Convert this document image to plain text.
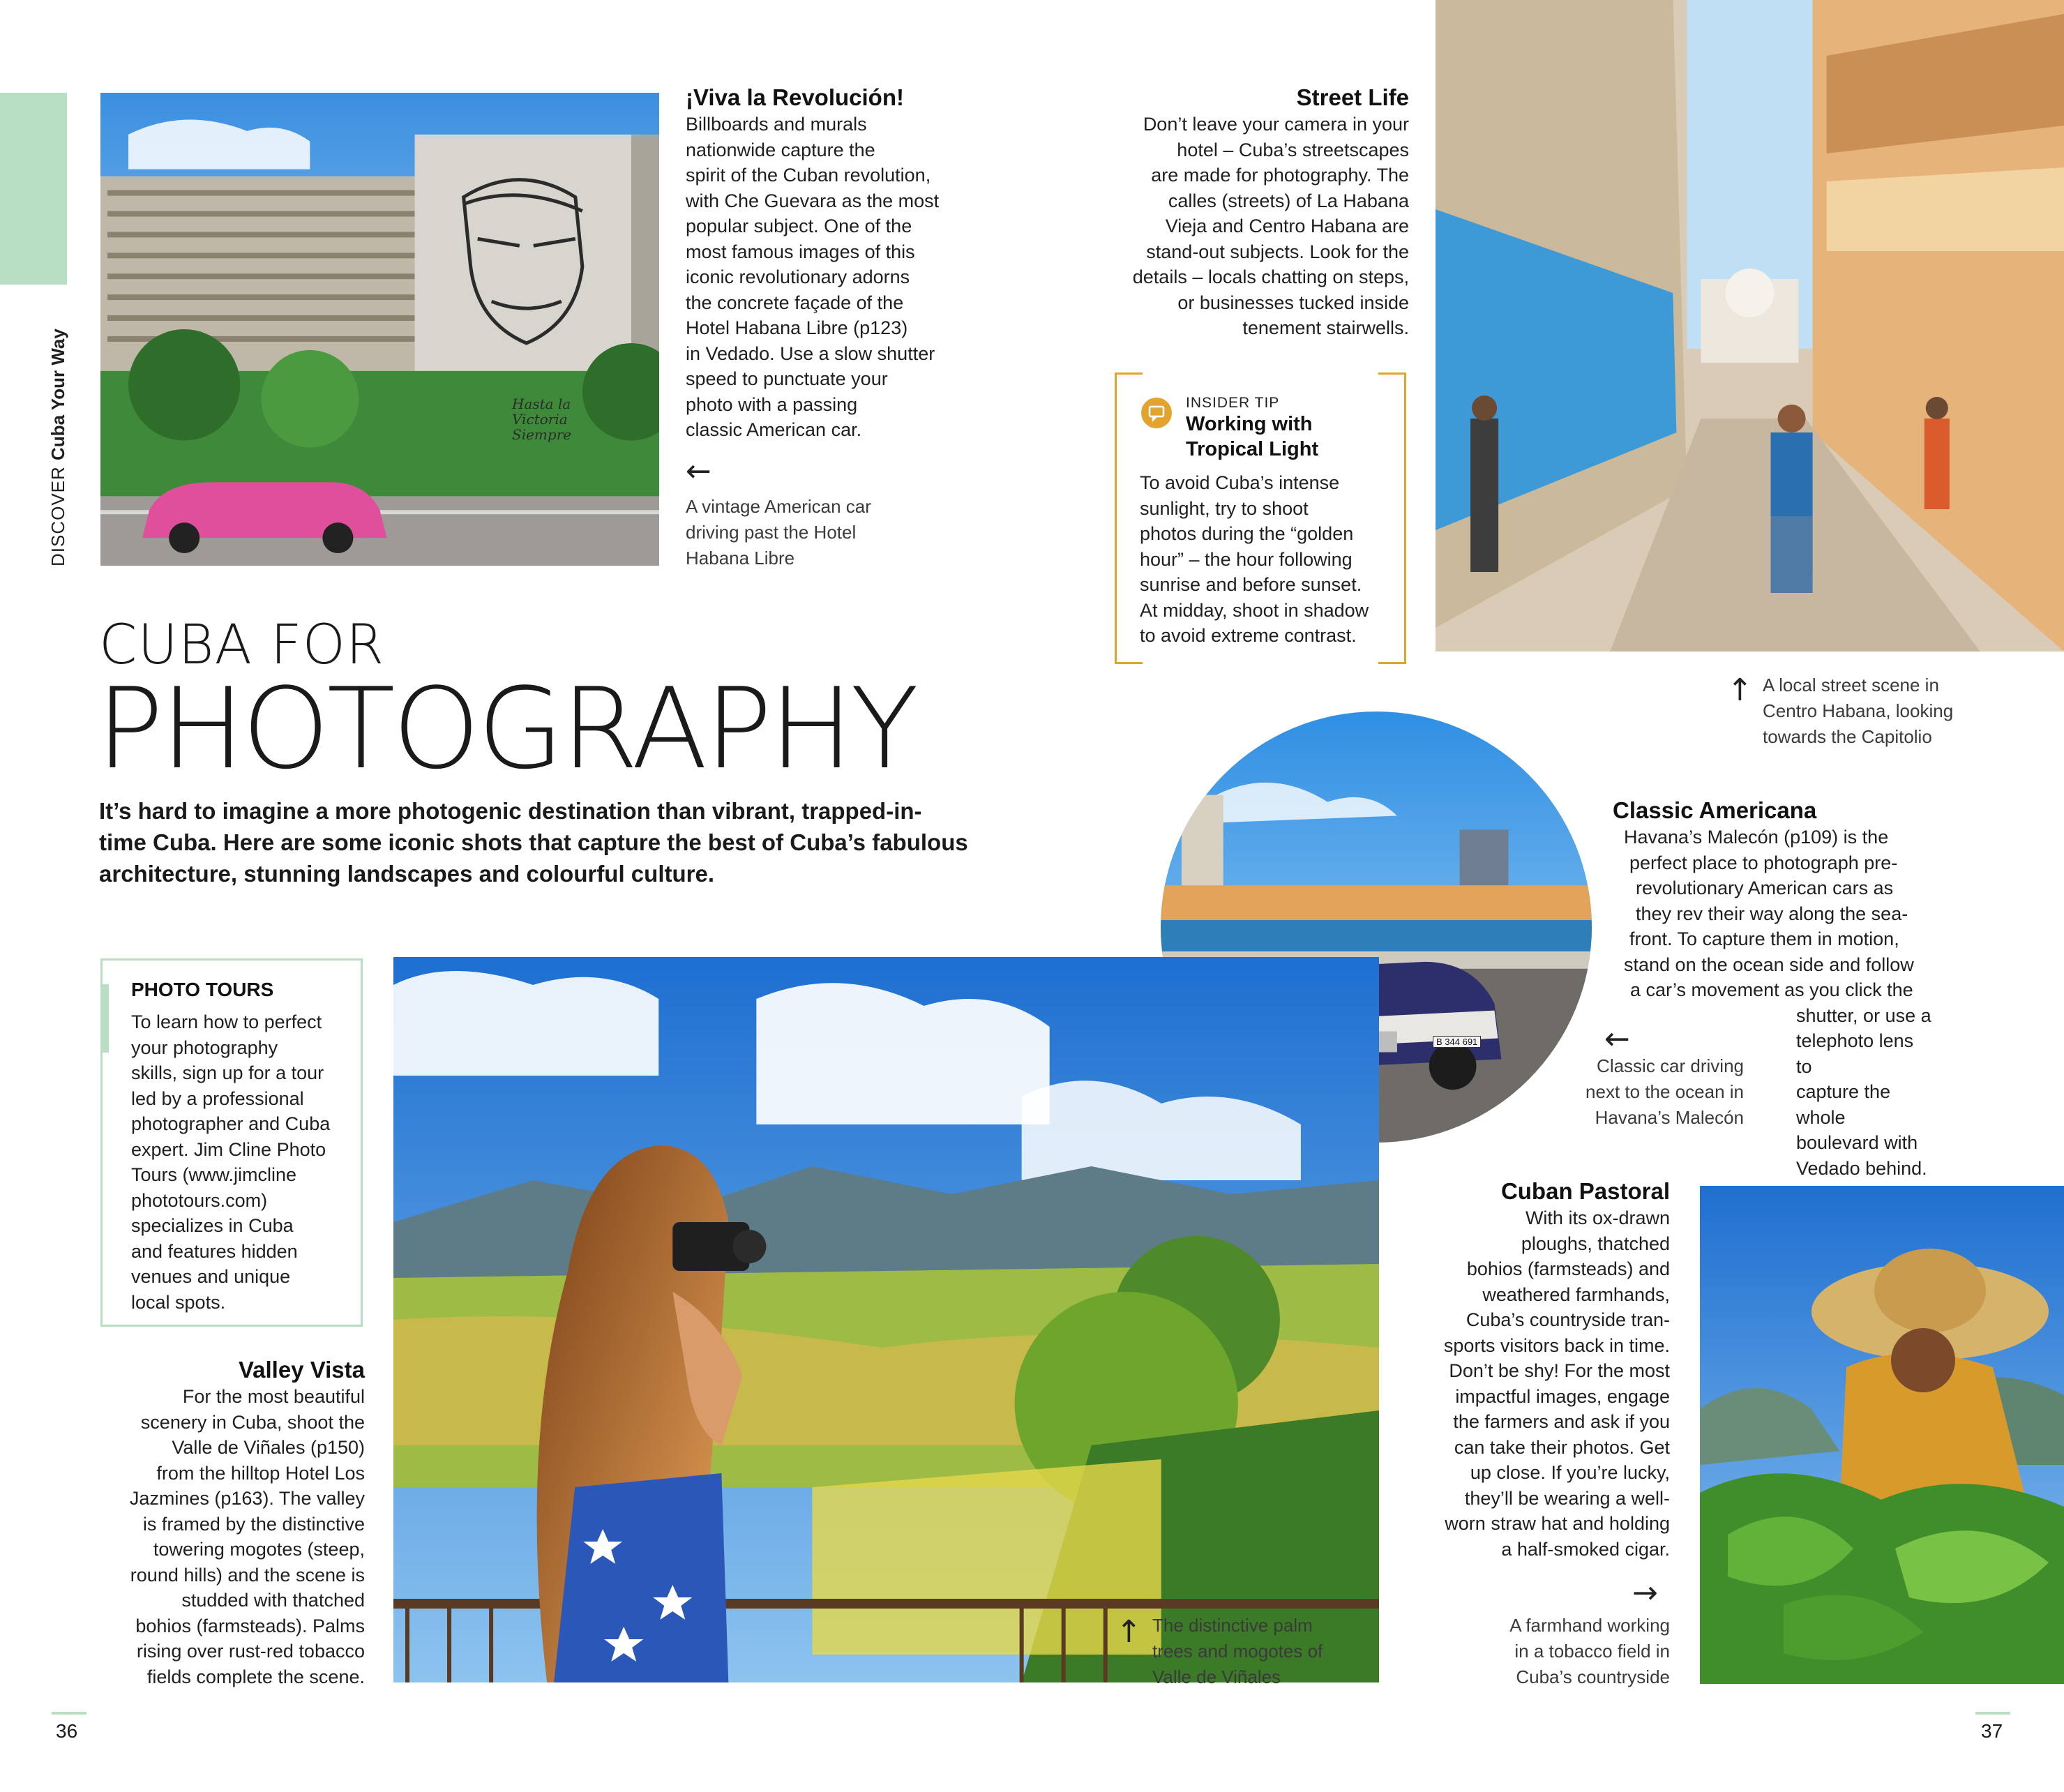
DISCOVER Cuba Your Way	Hasta la
Victoria
Siempre
¡Viva la Revolución!
Billboards and murals
nationwide capture the
spirit of the Cuban revolution,
with Che Guevara as the most
popular subject. One of the
most famous images of this
iconic revolutionary adorns
the concrete façade of the
Hotel Habana Libre (p123)
in Vedado. Use a slow shutter
speed to punctuate your
photo with a passing
classic American car.
←
A vintage American car
driving past the Hotel
Habana Libre
Street Life
Don’t leave your camera in your
hotel – Cuba’s streetscapes
are made for photography. The
calles (streets) of La Habana
Vieja and Centro Habana are
stand-out subjects. Look for the
details – locals chatting on steps,
or businesses tucked inside
tenement stairwells.
INSIDER TIP
Working with
Tropical Light
To avoid Cuba’s intense
sunlight, try to shoot
photos during the “golden
hour” – the hour following
sunrise and before sunset.
At midday, shoot in shadow
to avoid extreme contrast.
↑ A local street scene in
Centro Habana, looking
towards the Capitolio
CUBA FOR
PHOTOGRAPHY
It’s hard to imagine a more photogenic destination than vibrant, trapped-in-
time Cuba. Here are some iconic shots that capture the best of Cuba’s fabulous
architecture, stunning landscapes and colourful culture.
B 344 691
Classic Americana
Havana’s Malecón (p109) is the
perfect place to photograph pre-
revolutionary American cars as
they rev their way along the sea-
front. To capture them in motion,
stand on the ocean side and follow
a car’s movement as you click the
shutter, or use a
telephoto lens to
capture the whole
boulevard with
Vedado behind.
←
Classic car driving
next to the ocean in
Havana’s Malecón
PHOTO TOURS
To learn how to perfect
your photography
skills, sign up for a tour
led by a professional
photographer and Cuba
expert. Jim Cline Photo
Tours (www.jimcline
phototours.com)
specializes in Cuba
and features hidden
venues and unique
local spots.
Valley Vista
For the most beautiful
scenery in Cuba, shoot the
Valle de Viñales (p150)
from the hilltop Hotel Los
Jazmines (p163). The valley
is framed by the distinctive
towering mogotes (steep,
round hills) and the scene is
studded with thatched
bohios (farmsteads). Palms
rising over rust-red tobacco
fields complete the scene.
↑ The distinctive palm
trees and mogotes of
Valle de Viñales
Cuban Pastoral
With its ox-drawn
ploughs, thatched
bohios (farmsteads) and
weathered farmhands,
Cuba’s countryside tran-
sports visitors back in time.
Don’t be shy! For the most
impactful images, engage
the farmers and ask if you
can take their photos. Get
up close. If you’re lucky,
they’ll be wearing a well-
worn straw hat and holding
a half-smoked cigar.
→
A farmhand working
in a tobacco field in
Cuba’s countryside
36	37
